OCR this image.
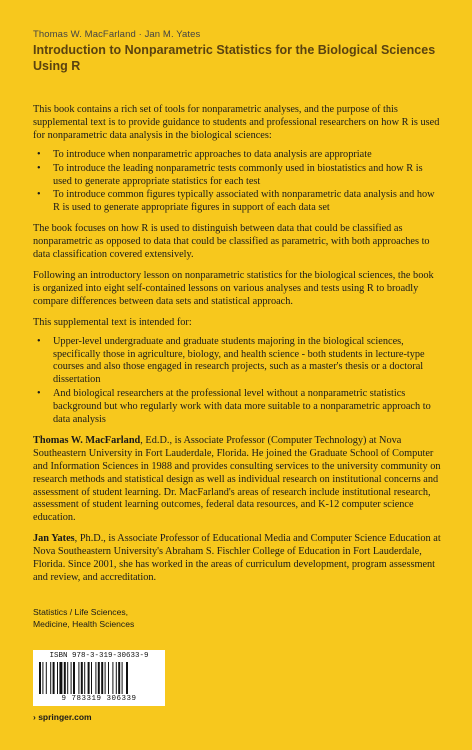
Thomas W. MacFarland · Jan M. Yates
Introduction to Nonparametric Statistics for the Biological Sciences Using R

This book contains a rich set of tools for nonparametric analyses, and the purpose of this supplemental text is to provide guidance to students and professional researchers on how R is used for nonparametric data analysis in the biological sciences:

• To introduce when nonparametric approaches to data analysis are appropriate
• To introduce the leading nonparametric tests commonly used in biostatistics and how R is used to generate appropriate statistics for each test
• To introduce common figures typically associated with nonparametric data analysis and how R is used to generate appropriate figures in support of each data set

The book focuses on how R is used to distinguish between data that could be classified as nonparametric as opposed to data that could be classified as parametric, with both approaches to data classification covered extensively.

Following an introductory lesson on nonparametric statistics for the biological sciences, the book is organized into eight self-contained lessons on various analyses and tests using R to broadly compare differences between data sets and statistical approach.

This supplemental text is intended for:

• Upper-level undergraduate and graduate students majoring in the biological sciences, specifically those in agriculture, biology, and health science - both students in lecture-type courses and also those engaged in research projects, such as a master's thesis or a doctoral dissertation
• And biological researchers at the professional level without a nonparametric statistics background but who regularly work with data more suitable to a nonparametric approach to data analysis

Thomas W. MacFarland, Ed.D., is Associate Professor (Computer Technology) at Nova Southeastern University in Fort Lauderdale, Florida. He joined the Graduate School of Computer and Information Sciences in 1988 and provides consulting services to the university community on research methods and statistical design as well as individual research on institutional concerns and assessment of student learning. Dr. MacFarland's areas of research include institutional research, assessment of student learning outcomes, federal data resources, and K-12 computer science education.

Jan Yates, Ph.D., is Associate Professor of Educational Media and Computer Science Education at Nova Southeastern University's Abraham S. Fischler College of Education in Fort Lauderdale, Florida. Since 2001, she has worked in the areas of curriculum development, program assessment and review, and accreditation.

Statistics / Life Sciences,
Medicine, Health Sciences
ISBN 978-3-319-30633-9
9 783319 306339
› springer.com
